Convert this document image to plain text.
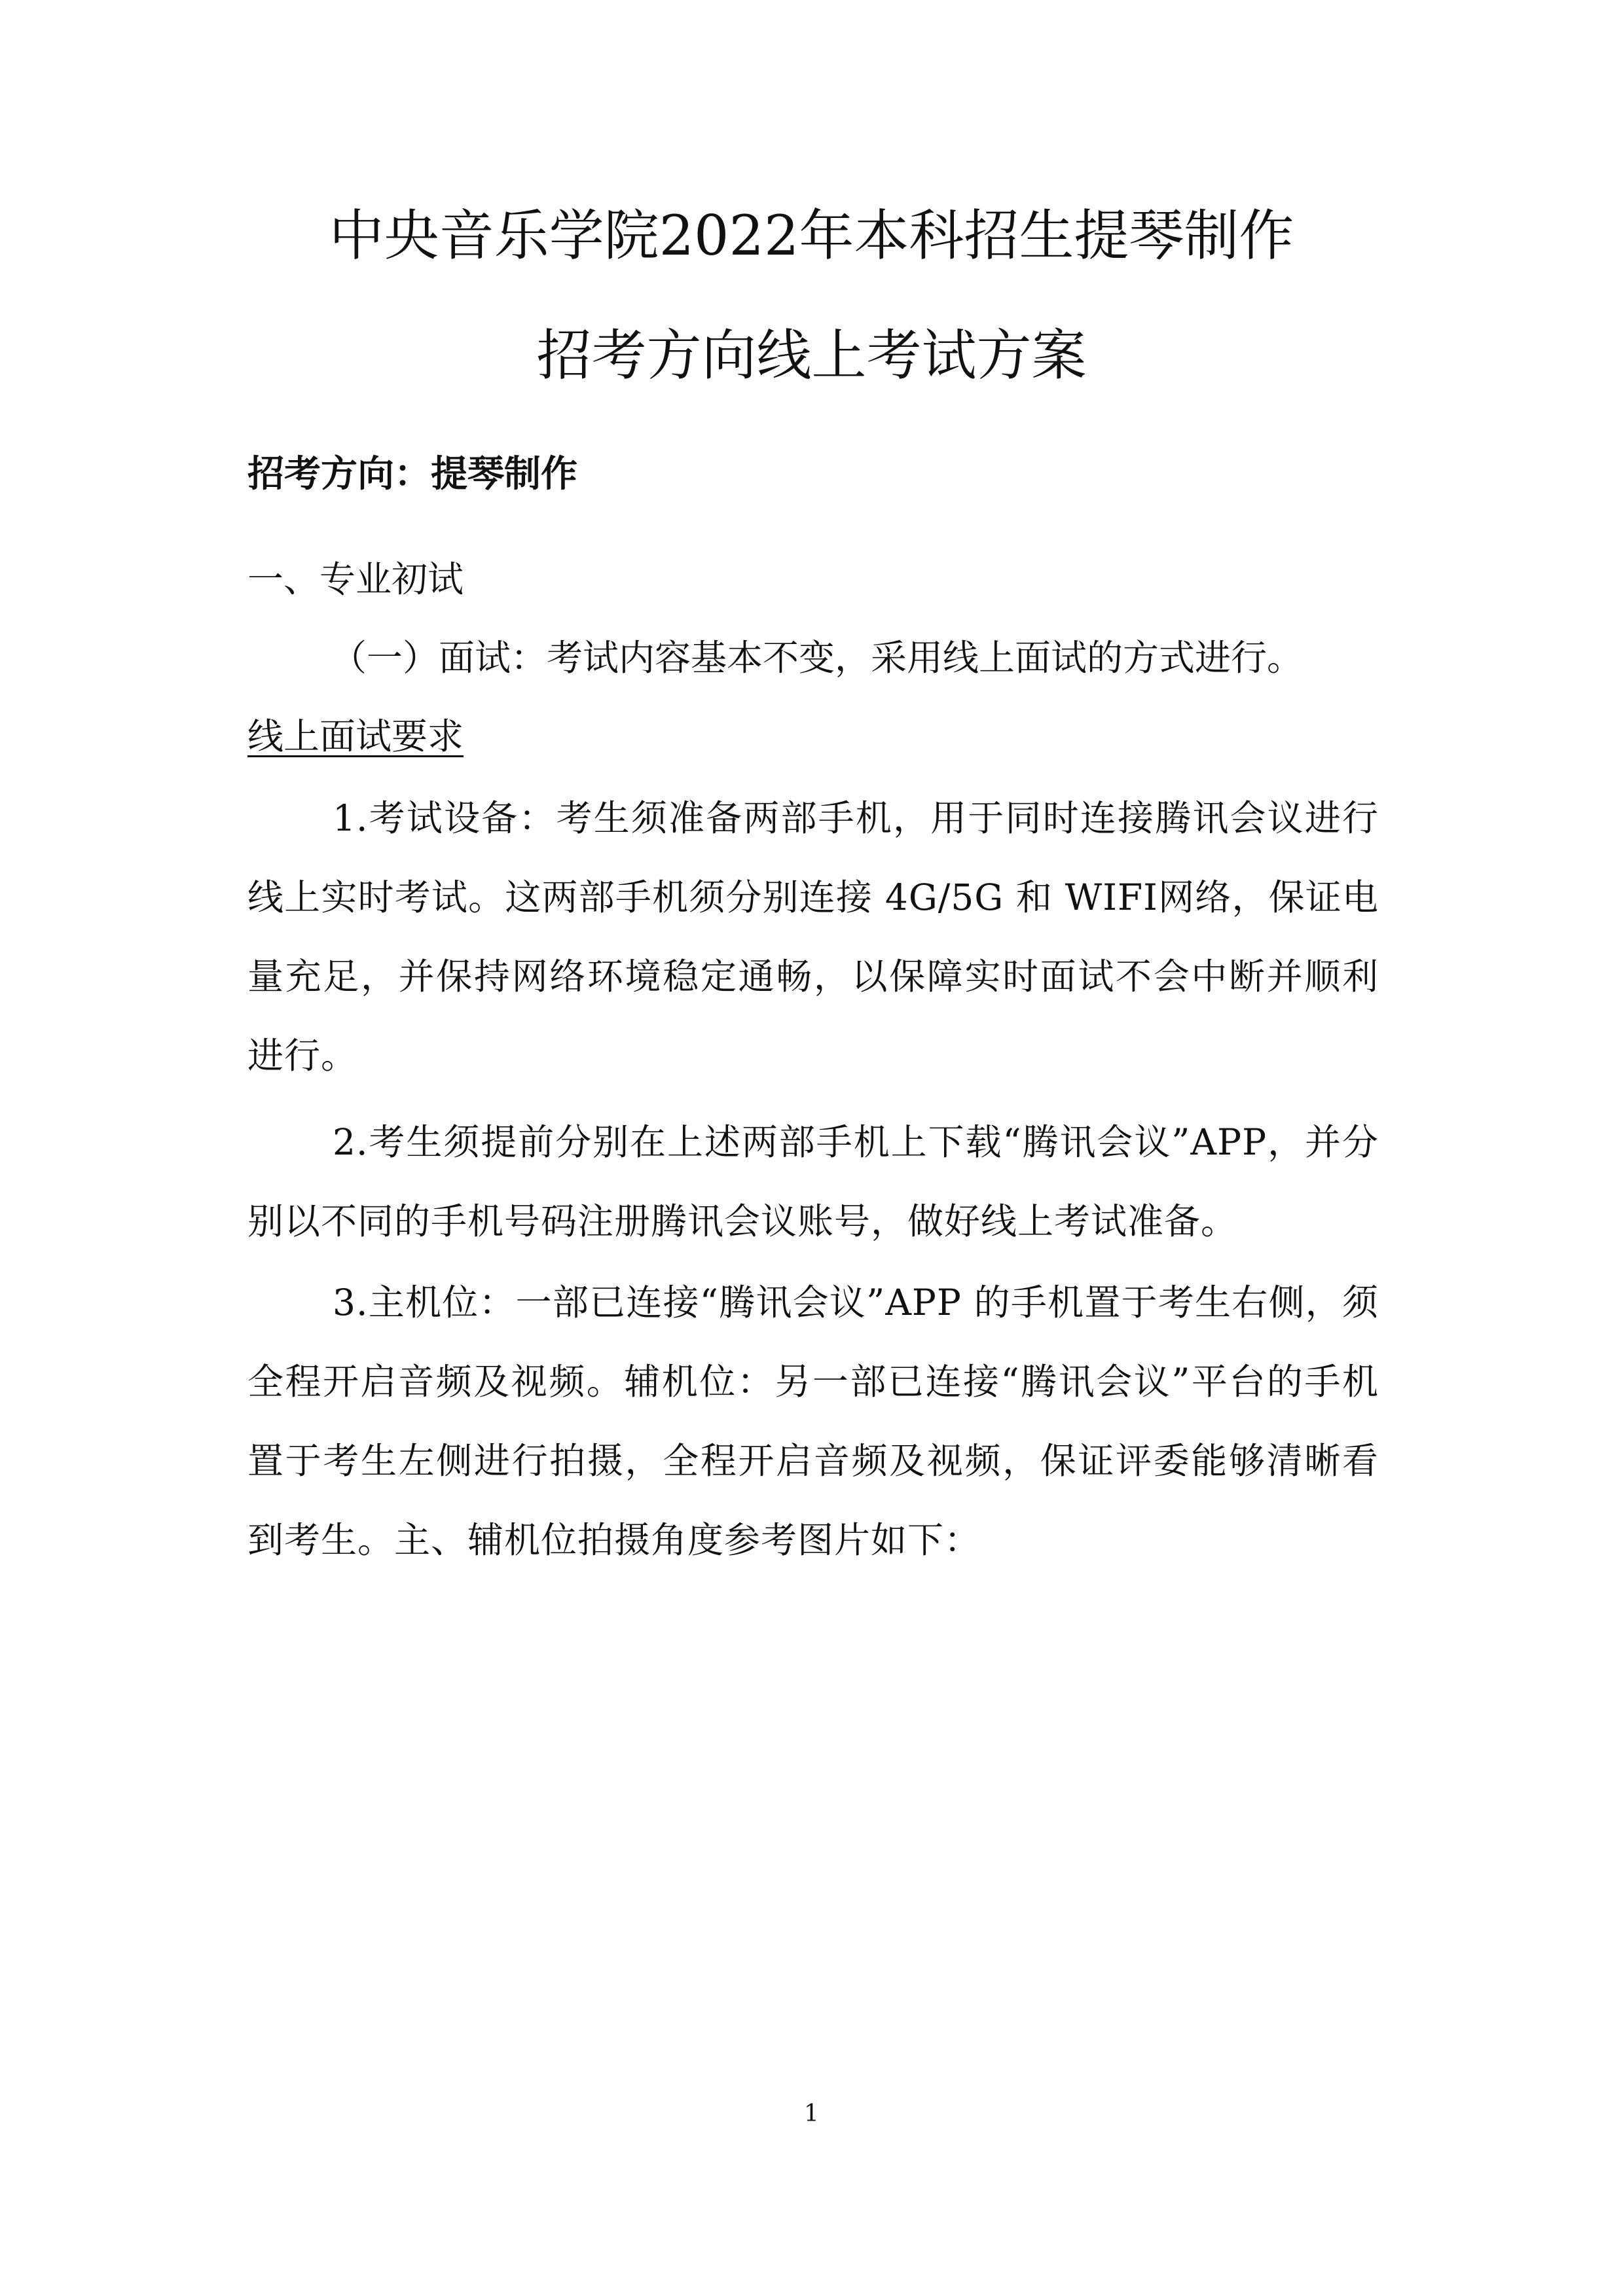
中央音乐学院2022年本科招生提琴制作
招考方向线上考试方案
招考方向：提琴制作
一、专业初试
（一）面试：考试内容基本不变，采用线上面试的方式进行。
线上面试要求
1.考试设备：考生须准备两部手机，用于同时连接腾讯会议进行线上实时考试。这两部手机须分别连接 4G/5G 和 WIFI网络，保证电量充足，并保持网络环境稳定通畅，以保障实时面试不会中断并顺利进行。
2.考生须提前分别在上述两部手机上下载“腾讯会议”APP，并分别以不同的手机号码注册腾讯会议账号，做好线上考试准备。
3.主机位：一部已连接“腾讯会议”APP 的手机置于考生右侧，须全程开启音频及视频。辅机位：另一部已连接“腾讯会议”平台的手机置于考生左侧进行拍摄，全程开启音频及视频，保证评委能够清晰看到考生。主、辅机位拍摄角度参考图片如下：
1
